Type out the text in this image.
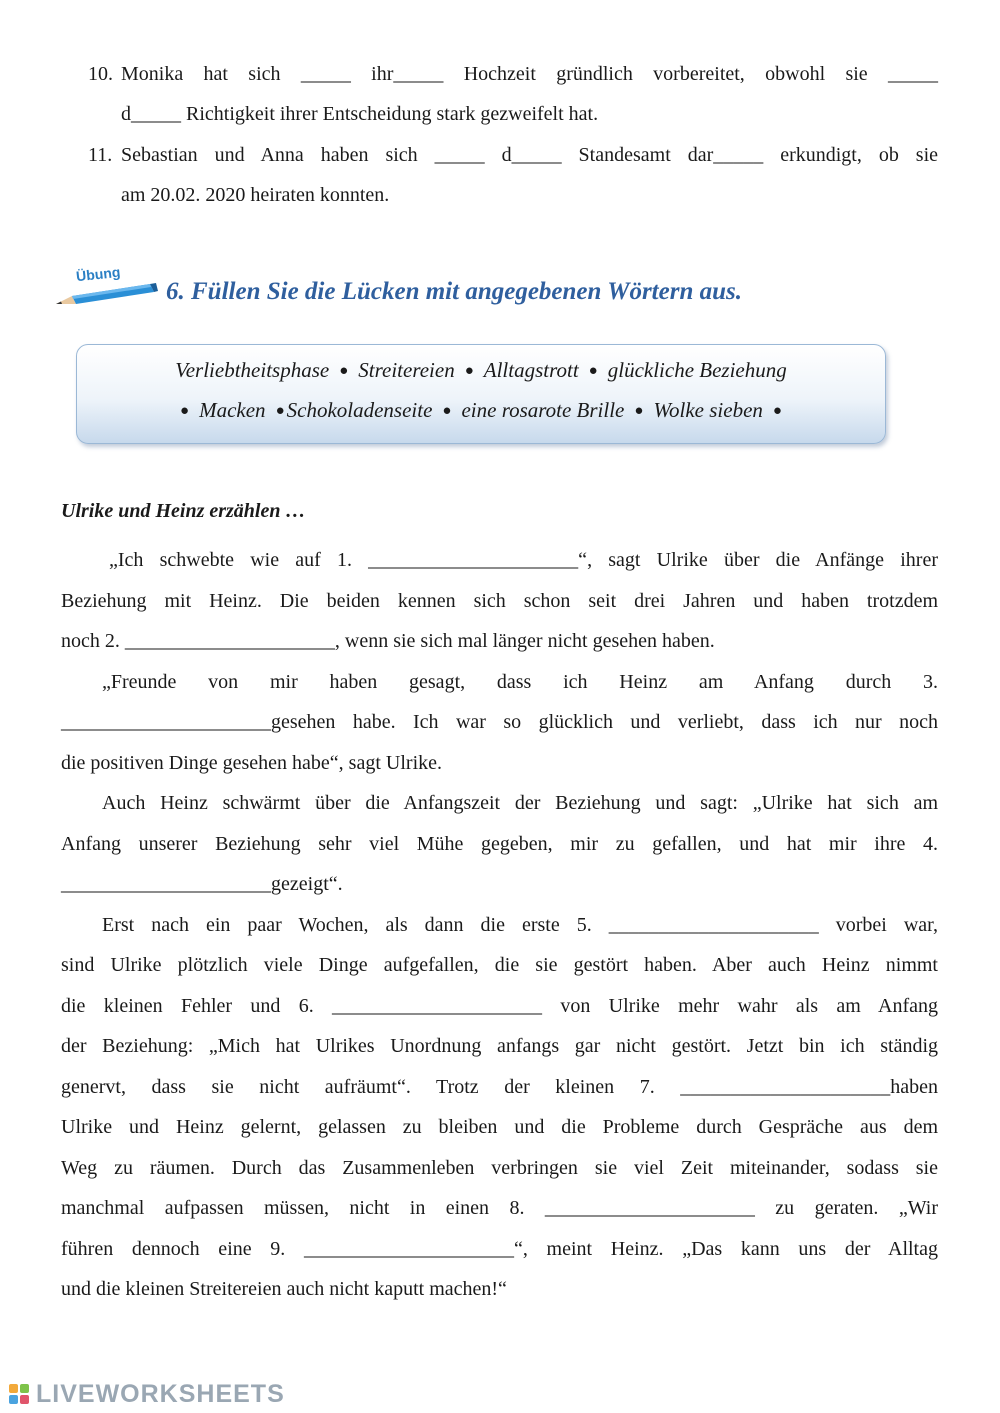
10. Monika hat sich _____ ihr_____ Hochzeit gründlich vorbereitet, obwohl sie _____
d_____ Richtigkeit ihrer Entscheidung stark gezweifelt hat.
11. Sebastian und Anna haben sich _____ d_____ Standesamt dar_____ erkundigt, ob sie
am 20.02. 2020 heiraten konnten.
Übung
6. Füllen Sie die Lücken mit angegebenen Wörtern aus.
Verliebtheitsphase ● Streitereien ● Alltagstrott ● glückliche Beziehung
● Macken ●Schokoladenseite ● eine rosarote Brille ● Wolke sieben ●
Ulrike und Heinz erzählen …
„Ich schwebte wie auf 1. _____________________“, sagt Ulrike über die Anfänge ihrer
Beziehung mit Heinz. Die beiden kennen sich schon seit drei Jahren und haben trotzdem
noch 2. _____________________, wenn sie sich mal länger nicht gesehen haben.
„Freunde von mir haben gesagt, dass ich Heinz am Anfang durch 3.
_____________________gesehen habe. Ich war so glücklich und verliebt, dass ich nur noch
die positiven Dinge gesehen habe“, sagt Ulrike.
Auch Heinz schwärmt über die Anfangszeit der Beziehung und sagt: „Ulrike hat sich am
Anfang unserer Beziehung sehr viel Mühe gegeben, mir zu gefallen, und hat mir ihre 4.
_____________________gezeigt“.
Erst nach ein paar Wochen, als dann die erste 5. _____________________ vorbei war,
sind Ulrike plötzlich viele Dinge aufgefallen, die sie gestört haben. Aber auch Heinz nimmt
die kleinen Fehler und 6. _____________________ von Ulrike mehr wahr als am Anfang
der Beziehung: „Mich hat Ulrikes Unordnung anfangs gar nicht gestört. Jetzt bin ich ständig
genervt, dass sie nicht aufräumt“. Trotz der kleinen 7. _____________________haben
Ulrike und Heinz gelernt, gelassen zu bleiben und die Probleme durch Gespräche aus dem
Weg zu räumen. Durch das Zusammenleben verbringen sie viel Zeit miteinander, sodass sie
manchmal aufpassen müssen, nicht in einen 8. _____________________ zu geraten. „Wir
führen dennoch eine 9. _____________________“, meint Heinz. „Das kann uns der Alltag
und die kleinen Streitereien auch nicht kaputt machen!“
LIVEWORKSHEETS
